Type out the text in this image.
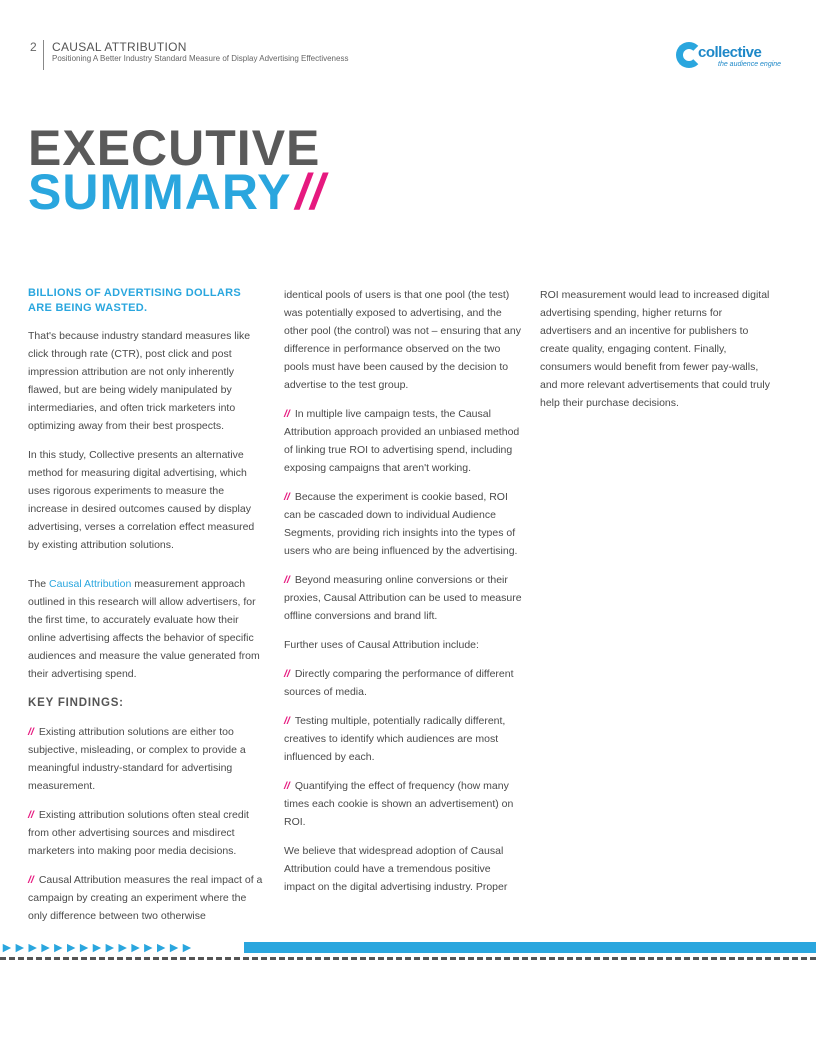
2 CAUSAL ATTRIBUTION
Positioning A Better Industry Standard Measure of Display Advertising Effectiveness	collective
the audience engine
EXECUTIVE
SUMMARY//

BILLIONS OF ADVERTISING DOLLARS ARE BEING WASTED.

That's because industry standard measures like click through rate (CTR), post click and post impression attribution are not only inherently flawed, but are being widely manipulated by intermediaries, and often trick marketers into optimizing away from their best prospects.

In this study, Collective presents an alternative method for measuring digital advertising, which uses rigorous experiments to measure the increase in desired outcomes caused by display advertising, verses a correlation effect measured by existing attribution solutions.

The Causal Attribution measurement approach outlined in this research will allow advertisers, for the first time, to accurately evaluate how their online advertising affects the behavior of specific audiences and measure the value generated from their advertising spend.

KEY FINDINGS:

// Existing attribution solutions are either too subjective, misleading, or complex to provide a meaningful industry-standard for advertising measurement.

// Existing attribution solutions often steal credit from other advertising sources and misdirect marketers into making poor media decisions.

// Causal Attribution measures the real impact of a campaign by creating an experiment where the only difference between two otherwise

identical pools of users is that one pool (the test) was potentially exposed to advertising, and the other pool (the control) was not – ensuring that any difference in performance observed on the two pools must have been caused by the decision to advertise to the test group.

// In multiple live campaign tests, the Causal Attribution approach provided an unbiased method of linking true ROI to advertising spend, including exposing campaigns that aren't working.

// Because the experiment is cookie based, ROI can be cascaded down to individual Audience Segments, providing rich insights into the types of users who are being influenced by the advertising.

// Beyond measuring online conversions or their proxies, Causal Attribution can be used to measure offline conversions and brand lift.

Further uses of Causal Attribution include:

// Directly comparing the performance of different sources of media.

// Testing multiple, potentially radically different, creatives to identify which audiences are most influenced by each.

// Quantifying the effect of frequency (how many times each cookie is shown an advertisement) on ROI.

We believe that widespread adoption of Causal Attribution could have a tremendous positive impact on the digital advertising industry. Proper

ROI measurement would lead to increased digital advertising spending, higher returns for advertisers and an incentive for publishers to create quality, engaging content. Finally, consumers would benefit from fewer pay-walls, and more relevant advertisements that could truly help their purchase decisions.

►►►►►►►►►►►►►►►
